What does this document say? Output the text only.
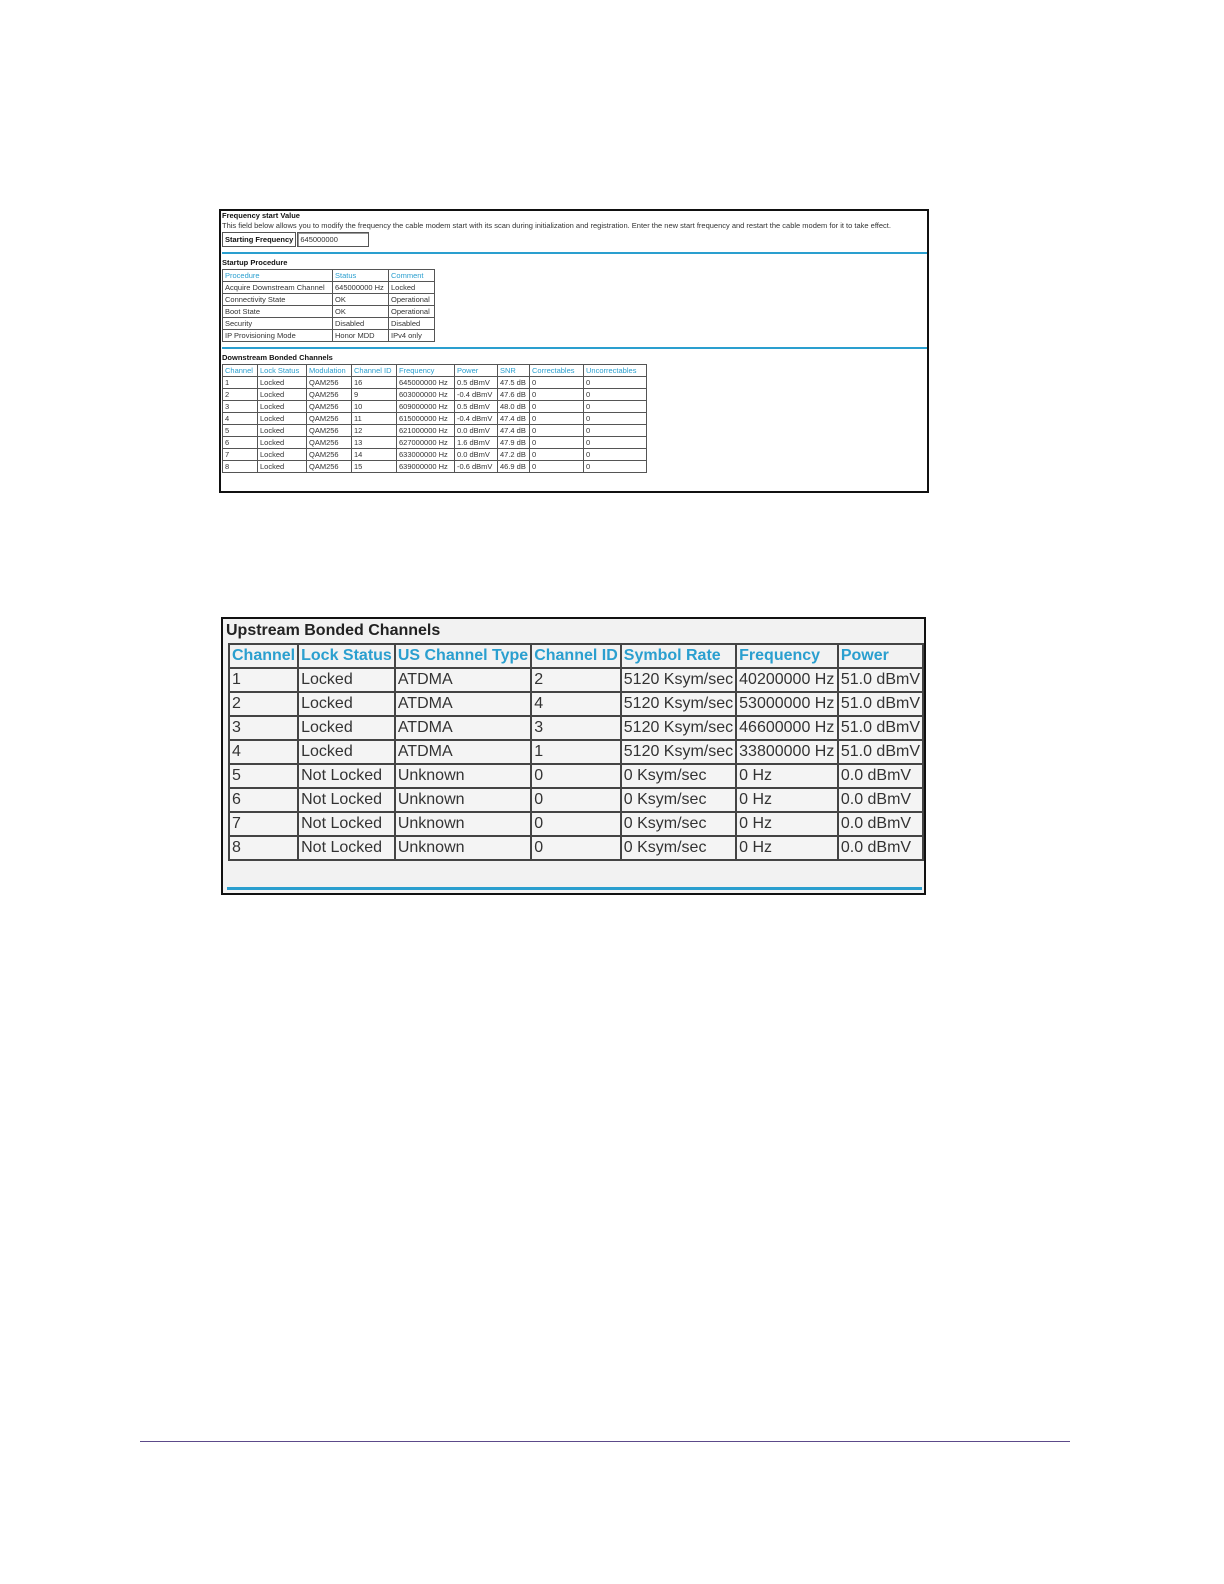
Frequency start Value
This field below allows you to modify the frequency the cable modem start with its scan during initialization and registration. Enter the new start frequency and restart the cable modem for it to take effect.
Starting Frequency
645000000
Startup Procedure
Procedure	Status	Comment
Acquire Downstream Channel	645000000 Hz	Locked
Connectivity State	OK	Operational
Boot State	OK	Operational
Security	Disabled	Disabled
IP Provisioning Mode	Honor MDD	IPv4 only
Downstream Bonded Channels
Channel	Lock Status	Modulation	Channel ID	Frequency	Power	SNR	Correctables	Uncorrectables
1	Locked	QAM256	16	645000000 Hz	0.5 dBmV	47.5 dB	0	0
2	Locked	QAM256	9	603000000 Hz	-0.4 dBmV	47.6 dB	0	0
3	Locked	QAM256	10	609000000 Hz	0.5 dBmV	48.0 dB	0	0
4	Locked	QAM256	11	615000000 Hz	-0.4 dBmV	47.4 dB	0	0
5	Locked	QAM256	12	621000000 Hz	0.0 dBmV	47.4 dB	0	0
6	Locked	QAM256	13	627000000 Hz	1.6 dBmV	47.9 dB	0	0
7	Locked	QAM256	14	633000000 Hz	0.0 dBmV	47.2 dB	0	0
8	Locked	QAM256	15	639000000 Hz	-0.6 dBmV	46.9 dB	0	0
Upstream Bonded Channels
Channel	Lock Status	US Channel Type	Channel ID	Symbol Rate	Frequency	Power
1	Locked	ATDMA	2	5120 Ksym/sec	40200000 Hz	51.0 dBmV
2	Locked	ATDMA	4	5120 Ksym/sec	53000000 Hz	51.0 dBmV
3	Locked	ATDMA	3	5120 Ksym/sec	46600000 Hz	51.0 dBmV
4	Locked	ATDMA	1	5120 Ksym/sec	33800000 Hz	51.0 dBmV
5	Not Locked	Unknown	0	0 Ksym/sec	0 Hz	0.0 dBmV
6	Not Locked	Unknown	0	0 Ksym/sec	0 Hz	0.0 dBmV
7	Not Locked	Unknown	0	0 Ksym/sec	0 Hz	0.0 dBmV
8	Not Locked	Unknown	0	0 Ksym/sec	0 Hz	0.0 dBmV
